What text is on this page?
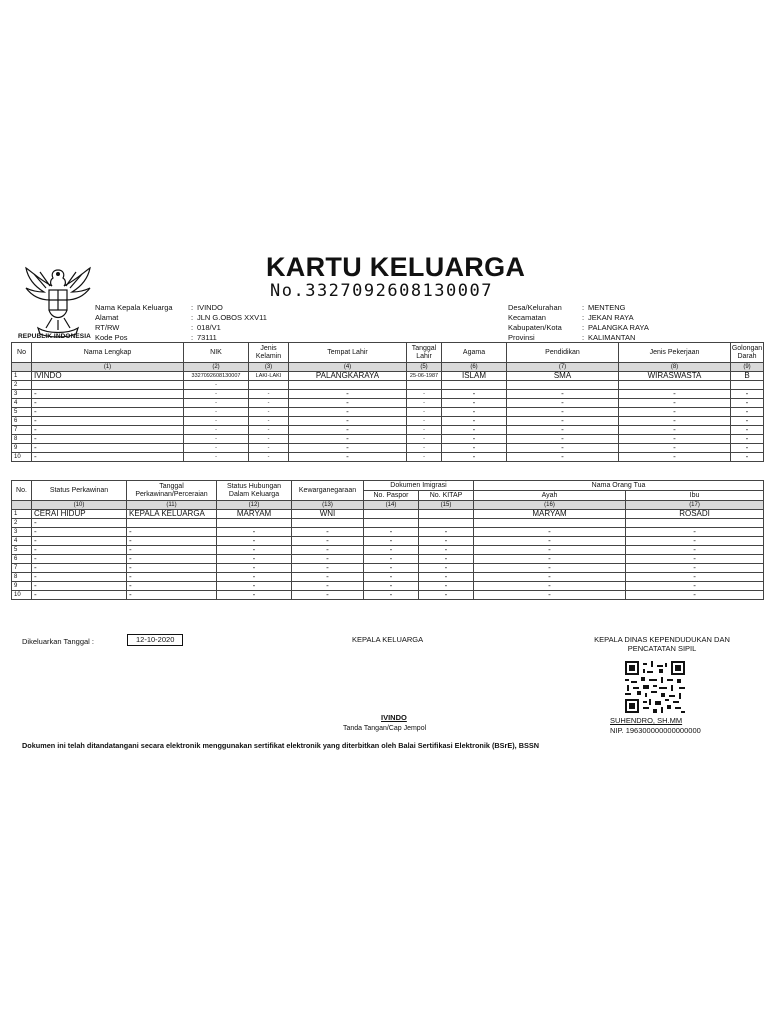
REPUBLIK INDONESIA
KARTU KELUARGA
No.3327092608130007
Nama Kepala Keluarga	: IVINDO
Alamat	: JLN G.OBOS XXV11
RT/RW	: 018/V1
Kode Pos	: 73111
Desa/Kelurahan	: MENTENG
Kecamatan	: JEKAN RAYA
Kabupaten/Kota	: PALANGKA RAYA
Provinsi	: KALIMANTAN
No	Nama Lengkap	NIK	Jenis Kelamin	Tempat Lahir	Tanggal Lahir	Agama	Pendidikan	Jenis Pekerjaan	Golongan Darah
	(1)	(2)	(3)	(4)	(5)	(6)	(7)	(8)	(9)
1	IVINDO	3327092608130007	LAKI-LAKI	PALANGKARAYA	25-06-1987	ISLAM	SMA	WIRASWASTA	B
2		-							
3	-	-	-	-	-	-	-	-	-
4	-	-	-	-	-	-	-	-	-
5	-	-	-	-	-	-	-	-	-
6	-	-	-	-	-	-	-	-	-
7	-	-	-	-	-	-	-	-	-
8	-	-	-	-	-	-	-	-	-
9	-	-	-	-	-	-	-	-	-
10	-	-	-	-	-	-	-	-	-
No.	Status Perkawinan	Tanggal Perkawinan/Perceraian	Status Hubungan Dalam Keluarga	Kewarganegaraan	Dokumen Imigrasi		Nama Orang Tua	
					No. Paspor	No. KITAP	Ayah	Ibu
	(10)	(11)	(12)	(13)	(14)	(15)	(16)	(17)
1	CERAI HIDUP	KEPALA KELUARGA	MARYAM	WNI			MARYAM	ROSADI
2	-							
3	-	-	-	-	-	-	-	-
4	-	-	-	-	-	-	-	-
5	-	-	-	-	-	-	-	-
6	-	-	-	-	-	-	-	-
7	-	-	-	-	-	-	-	-
8	-	-	-	-	-	-	-	-
9	-	-	-	-	-	-	-	-
10	-	-	-	-	-	-	-	-
Dikeluarkan Tanggal :	12-10-2020	KEPALA KELUARGA	KEPALA DINAS KEPENDUDUKAN DAN PENCATATAN SIPIL
IVINDO
Tanda Tangan/Cap Jempol
SUHENDRO, SH.MM
NIP. 196300000000000000
Dokumen ini telah ditandatangani secara elektronik menggunakan sertifikat elektronik yang diterbitkan oleh Balai Sertifikasi Elektronik (BSrE), BSSN
